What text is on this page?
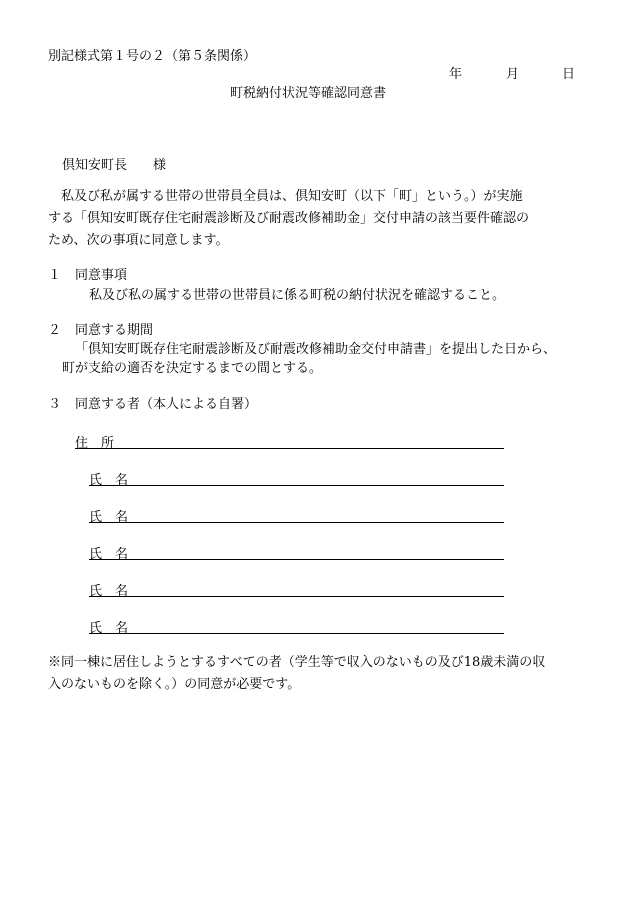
別記様式第１号の２（第５条関係）
年	月	日
町税納付状況等確認同意書
倶知安町長　　様
私及び私が属する世帯の世帯員全員は、倶知安町（以下「町」という。）が実施
する「倶知安町既存住宅耐震診断及び耐震改修補助金」交付申請の該当要件確認の
ため、次の事項に同意します。
１ 同意事項
私及び私の属する世帯の世帯員に係る町税の納付状況を確認すること。
２ 同意する期間
「倶知安町既存住宅耐震診断及び耐震改修補助金交付申請書」を提出した日から、
町が支給の適否を決定するまでの間とする。
３ 同意する者（本人による自署）
住　所
氏　名
氏　名
氏　名
氏　名
氏　名
※同一棟に居住しようとするすべての者（学生等で収入のないもの及び18歳未満の収
入のないものを除く。）の同意が必要です。
